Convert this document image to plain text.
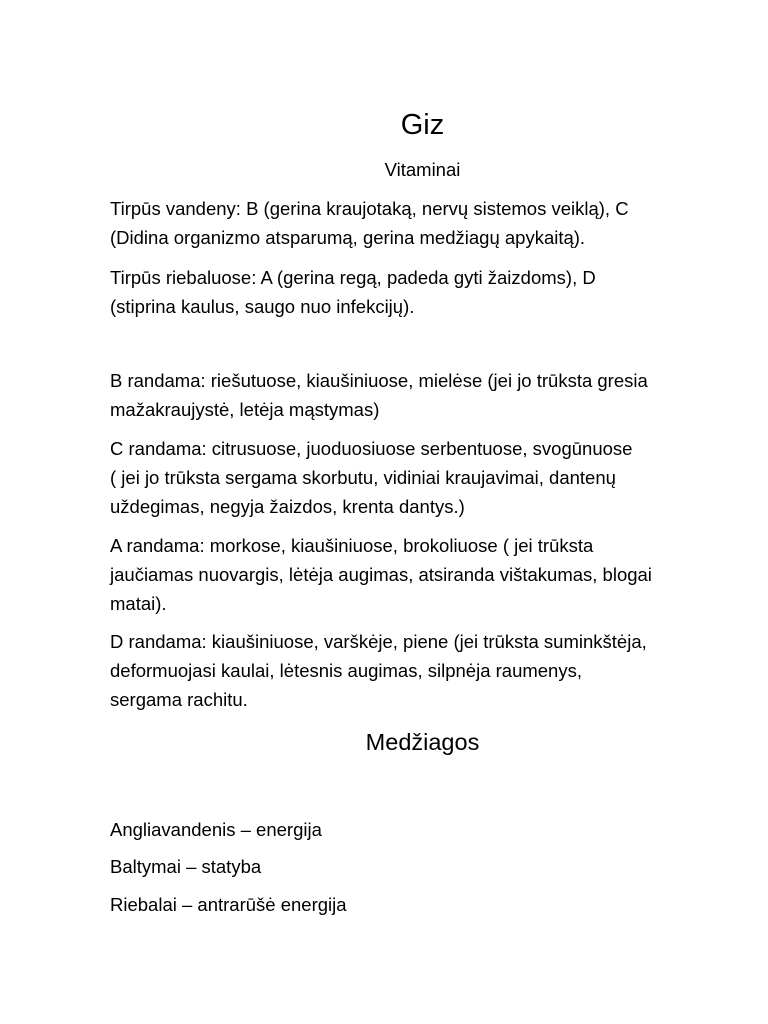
Giz
Vitaminai
Tirpūs vandeny: B (gerina kraujotaką, nervų sistemos veiklą), C
(Didina organizmo atsparumą, gerina medžiagų apykaitą).
Tirpūs riebaluose: A (gerina regą, padeda gyti žaizdoms), D
(stiprina kaulus, saugo nuo infekcijų).
B randama: riešutuose, kiaušiniuose, mielėse (jei jo trūksta gresia
mažakraujystė, letėja mąstymas)
C randama: citrusuose, juoduosiuose serbentuose, svogūnuose
( jei jo trūksta sergama skorbutu, vidiniai kraujavimai, dantenų
uždegimas, negyja žaizdos, krenta dantys.)
A randama: morkose, kiaušiniuose, brokoliuose ( jei trūksta
jaučiamas nuovargis, lėtėja augimas, atsiranda vištakumas, blogai
matai).
D randama: kiaušiniuose, varškėje, piene (jei trūksta suminkštėja,
deformuojasi kaulai, lėtesnis augimas, silpnėja raumenys,
sergama rachitu.
Medžiagos
Angliavandenis – energija
Baltymai – statyba
Riebalai – antrarūšė energija
